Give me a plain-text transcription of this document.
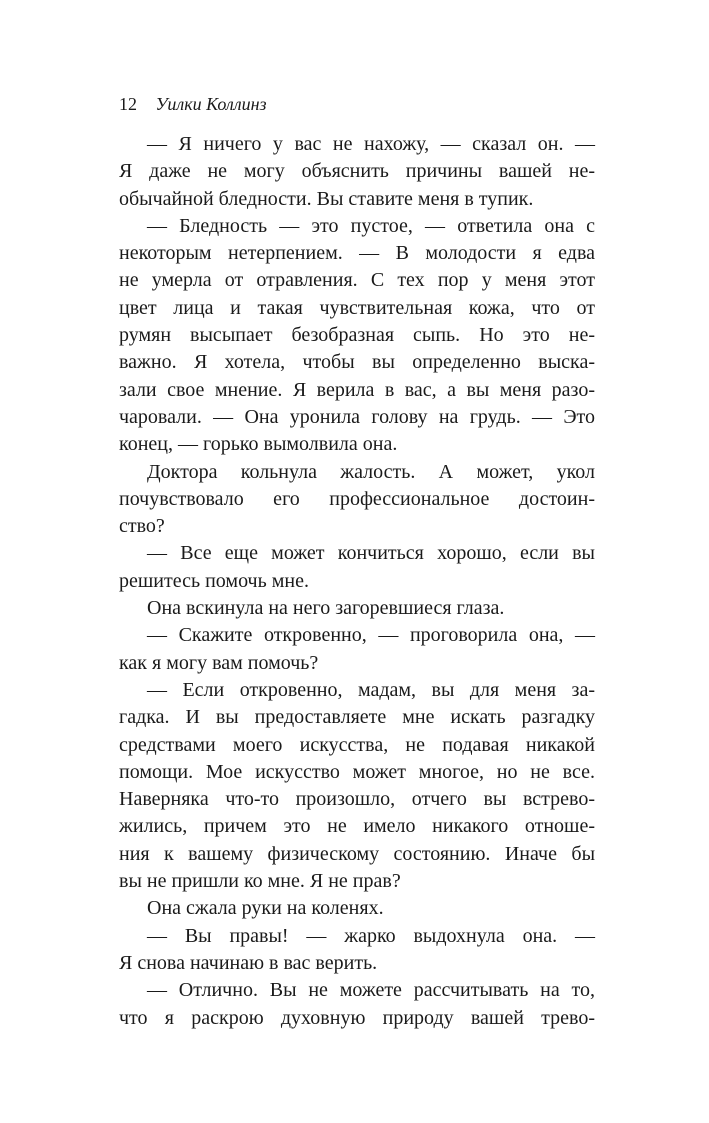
12 Уилки Коллинз
— Я ничего у вас не нахожу, — сказал он. —
Я даже не могу объяснить причины вашей не-
обычайной бледности. Вы ставите меня в тупик.
— Бледность — это пустое, — ответила она с
некоторым нетерпением. — В молодости я едва
не умерла от отравления. С тех пор у меня этот
цвет лица и такая чувствительная кожа, что от
румян высыпает безобразная сыпь. Но это не-
важно. Я хотела, чтобы вы определенно выска-
зали свое мнение. Я верила в вас, а вы меня разо-
чаровали. — Она уронила голову на грудь. — Это
конец, — горько вымолвила она.
Доктора кольнула жалость. А может, укол
почувствовало его профессиональное достоин-
ство?
— Все еще может кончиться хорошо, если вы
решитесь помочь мне.
Она вскинула на него загоревшиеся глаза.
— Скажите откровенно, — проговорила она, —
как я могу вам помочь?
— Если откровенно, мадам, вы для меня за-
гадка. И вы предоставляете мне искать разгадку
средствами моего искусства, не подавая никакой
помощи. Мое искусство может многое, но не все.
Наверняка что-то произошло, отчего вы встрево-
жились, причем это не имело никакого отноше-
ния к вашему физическому состоянию. Иначе бы
вы не пришли ко мне. Я не прав?
Она сжала руки на коленях.
— Вы правы! — жарко выдохнула она. —
Я снова начинаю в вас верить.
— Отлично. Вы не можете рассчитывать на то,
что я раскрою духовную природу вашей трево-
